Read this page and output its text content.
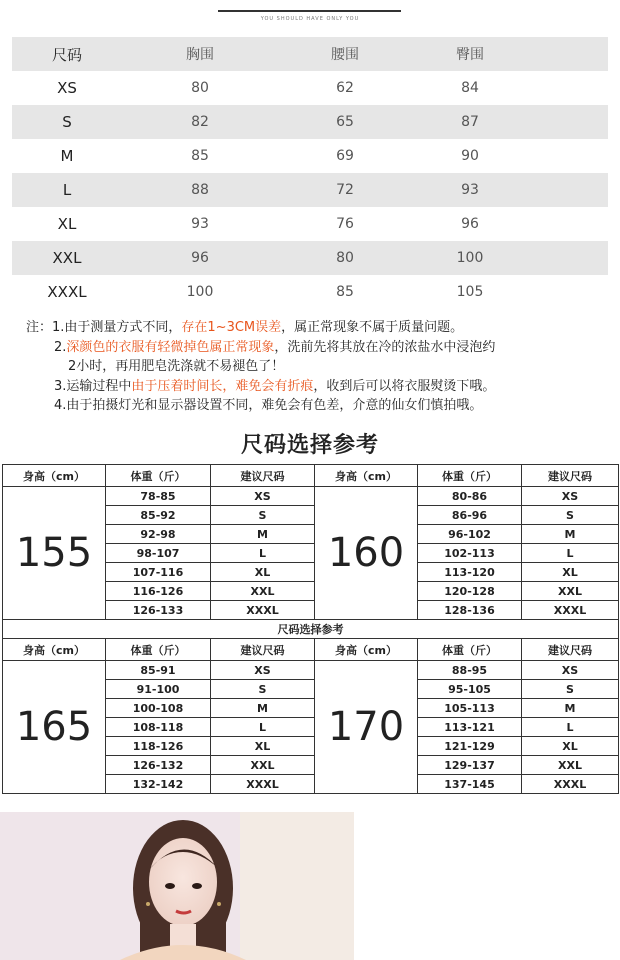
YOU SHOULD HAVE ONLY YOU
尺码	胸围	腰围	臀围
XS	80	62	84
S	82	65	87
M	85	69	90
L	88	72	93
XL	93	76	96
XXL	96	80	100
XXXL	100	85	105
注：1.由于测量方式不同，存在1~3CM误差，属正常现象不属于质量问题。
2.深颜色的衣服有轻微掉色属正常现象，洗前先将其放在冷的浓盐水中浸泡约
2小时，再用肥皂洗涤就不易褪色了！
3.运输过程中由于压着时间长，难免会有折痕，收到后可以将衣服熨烫下哦。
4.由于拍摄灯光和显示器设置不同，难免会有色差，介意的仙女们慎拍哦。
尺码选择参考
身高（cm）	体重（斤）	建议尺码	身高（cm）	体重（斤）	建议尺码
155	78-85	XS	160	80-86	XS
	85-92	S		86-96	S
	92-98	M		96-102	M
	98-107	L		102-113	L
	107-116	XL		113-120	XL
	116-126	XXL		120-128	XXL
	126-133	XXXL		128-136	XXXL
尺码选择参考					
身高（cm）	体重（斤）	建议尺码	身高（cm）	体重（斤）	建议尺码
165	85-91	XS	170	88-95	XS
	91-100	S		95-105	S
	100-108	M		105-113	M
	108-118	L		113-121	L
	118-126	XL		121-129	XL
	126-132	XXL		129-137	XXL
	132-142	XXXL		137-145	XXXL
